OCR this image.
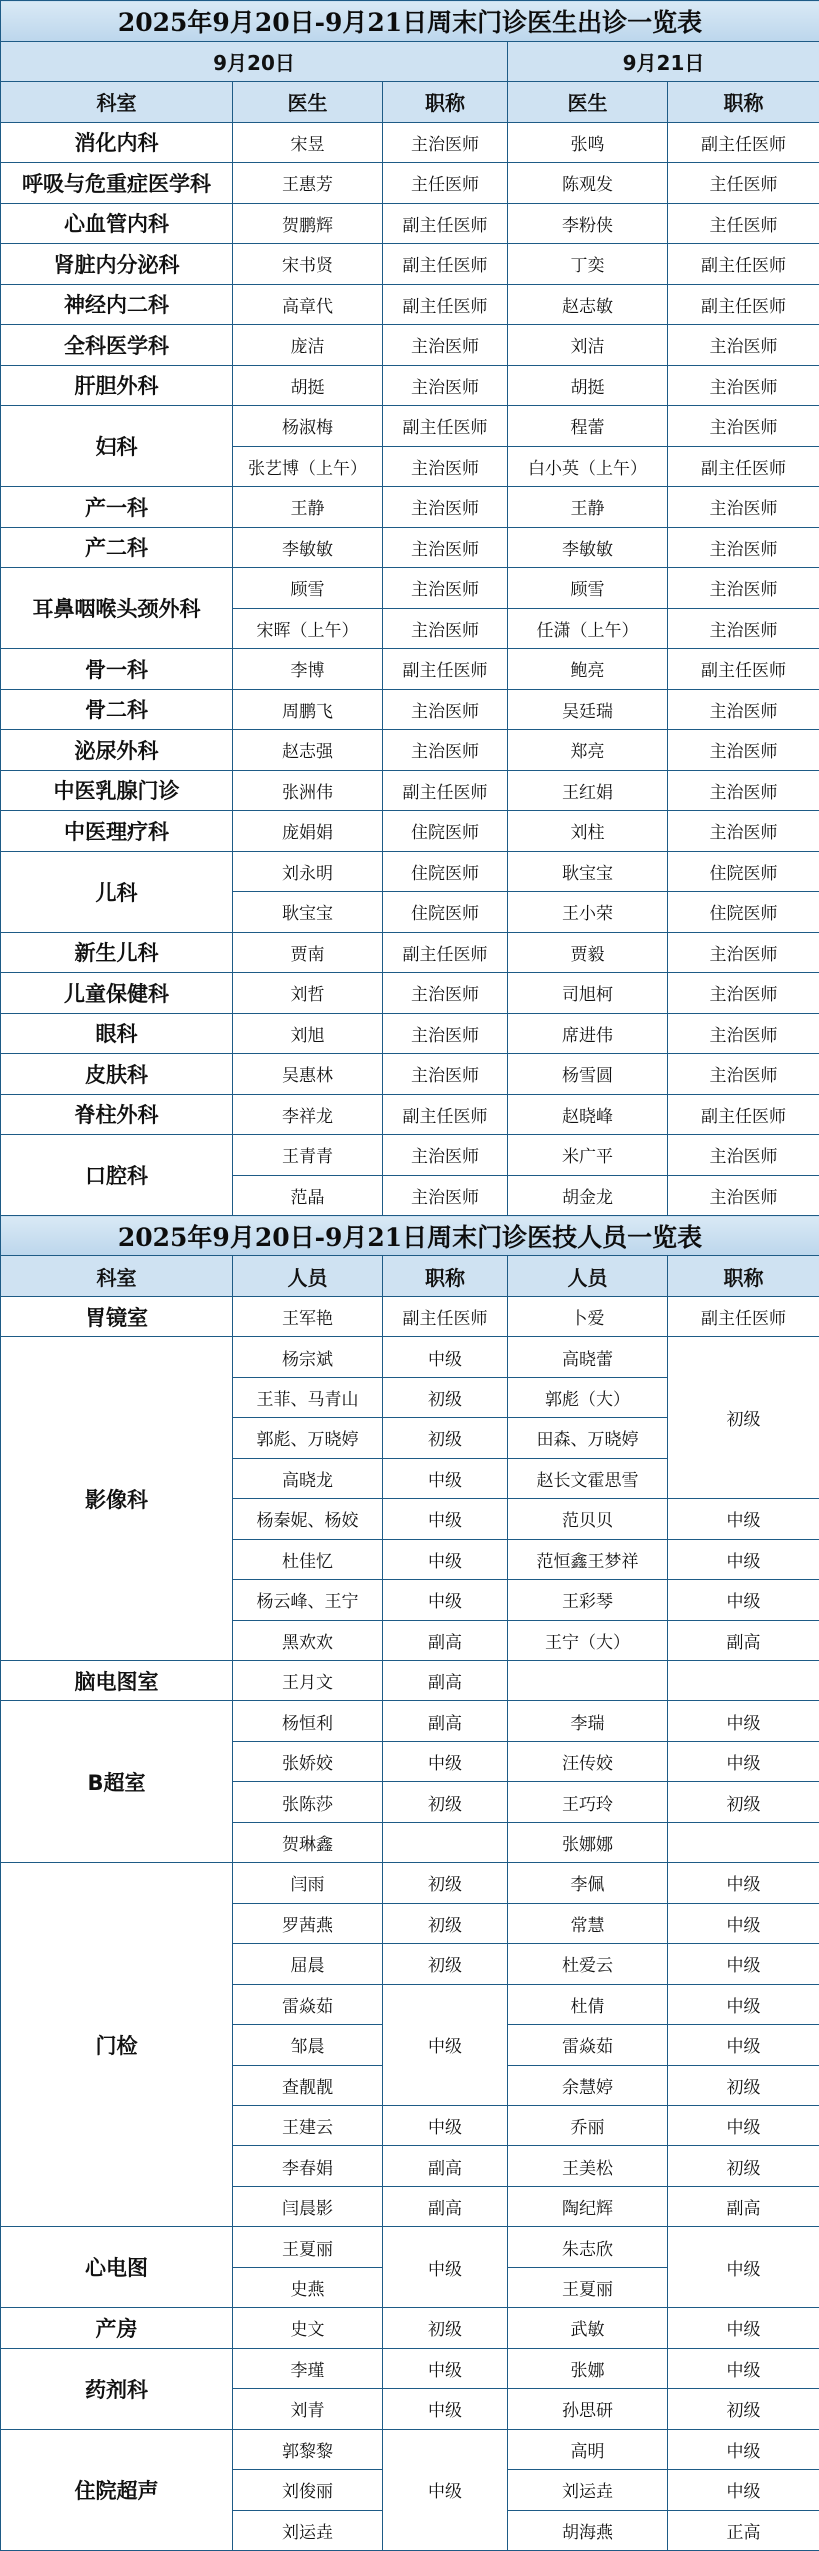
2025年9月20日-9月21日周末门诊医生出诊一览表				
9月20日			9月21日	
科室	医生	职称	医生	职称
消化内科	宋昱	主治医师	张鸣	副主任医师
呼吸与危重症医学科	王惠芳	主任医师	陈观发	主任医师
心血管内科	贺鹏辉	副主任医师	李粉侠	主任医师
肾脏内分泌科	宋书贤	副主任医师	丁奕	副主任医师
神经内二科	高章代	副主任医师	赵志敏	副主任医师
全科医学科	庞洁	主治医师	刘洁	主治医师
肝胆外科	胡挺	主治医师	胡挺	主治医师
妇科	杨淑梅	副主任医师	程蕾	主治医师
	张艺博（上午）	主治医师	白小英（上午）	副主任医师
产一科	王静	主治医师	王静	主治医师
产二科	李敏敏	主治医师	李敏敏	主治医师
耳鼻咽喉头颈外科	顾雪	主治医师	顾雪	主治医师
	宋晖（上午）	主治医师	任潇（上午）	主治医师
骨一科	李博	副主任医师	鲍亮	副主任医师
骨二科	周鹏飞	主治医师	吴廷瑞	主治医师
泌尿外科	赵志强	主治医师	郑亮	主治医师
中医乳腺门诊	张洲伟	副主任医师	王红娟	主治医师
中医理疗科	庞娟娟	住院医师	刘柱	主治医师
儿科	刘永明	住院医师	耿宝宝	住院医师
	耿宝宝	住院医师	王小荣	住院医师
新生儿科	贾南	副主任医师	贾毅	主治医师
儿童保健科	刘哲	主治医师	司旭柯	主治医师
眼科	刘旭	主治医师	席进伟	主治医师
皮肤科	吴惠林	主治医师	杨雪圆	主治医师
脊柱外科	李祥龙	副主任医师	赵晓峰	副主任医师
口腔科	王青青	主治医师	米广平	主治医师
	范晶	主治医师	胡金龙	主治医师
2025年9月20日-9月21日周末门诊医技人员一览表				
科室	人员	职称	人员	职称
胃镜室	王军艳	副主任医师	卜爱	副主任医师
影像科	杨宗斌	中级	高晓蕾	初级
	王菲、马青山	初级	郭彪（大）	
	郭彪、万晓婷	初级	田森、万晓婷	
	高晓龙	中级	赵长文霍思雪	
	杨秦妮、杨姣	中级	范贝贝	中级
	杜佳忆	中级	范恒鑫王梦祥	中级
	杨云峰、王宁	中级	王彩琴	中级
	黑欢欢	副高	王宁（大）	副高
脑电图室	王月文	副高		
B超室	杨恒利	副高	李瑞	中级
	张娇姣	中级	汪传姣	中级
	张陈莎	初级	王巧玲	初级
	贺琳鑫		张娜娜	
门检	闫雨	初级	李佩	中级
	罗茜燕	初级	常慧	中级
	屈晨	初级	杜爱云	中级
	雷焱茹	中级	杜倩	中级
	邹晨		雷焱茹	中级
	查靓靓		余慧婷	初级
	王建云	中级	乔丽	中级
	李春娟	副高	王美松	初级
	闫晨影	副高	陶纪辉	副高
心电图	王夏丽	中级	朱志欣	中级
	史燕		王夏丽	
产房	史文	初级	武敏	中级
药剂科	李瑾	中级	张娜	中级
	刘青	中级	孙思研	初级
住院超声	郭黎黎	中级	高明	中级
	刘俊丽		刘运垚	中级
	刘运垚		胡海燕	正高
